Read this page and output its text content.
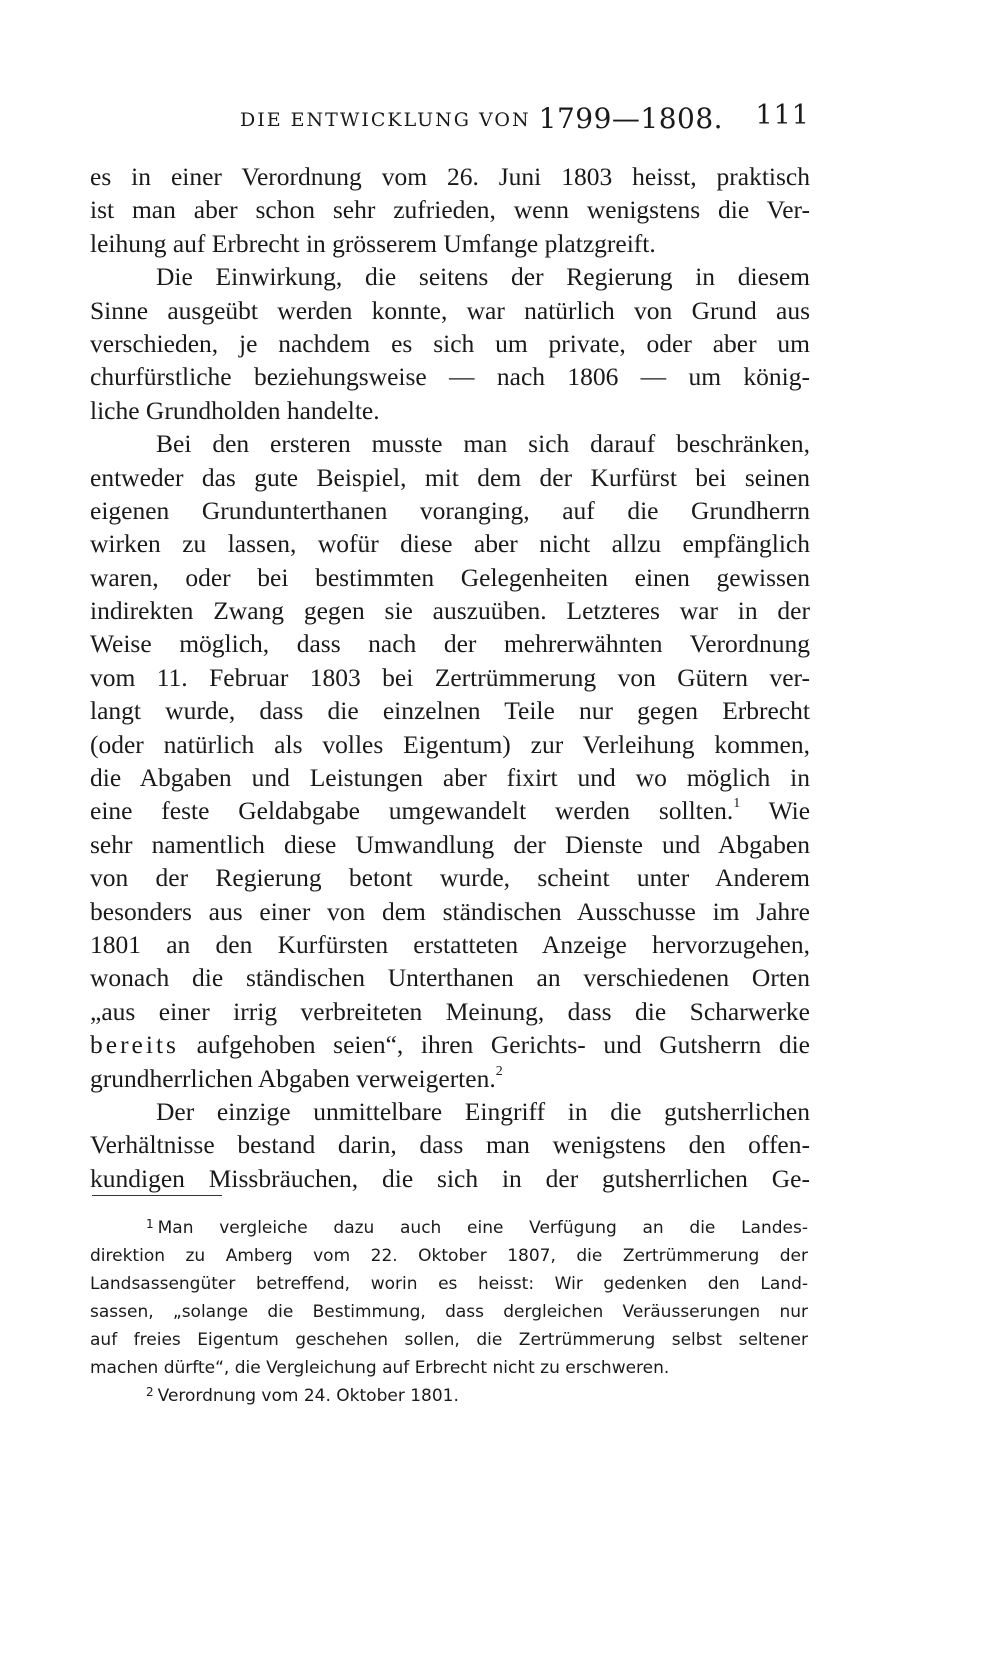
DIE ENTWICKLUNG VON 1799—1808. 111
es in einer Verordnung vom 26. Juni 1803 heisst, praktisch
ist man aber schon sehr zufrieden, wenn wenigstens die Ver-
leihung auf Erbrecht in grösserem Umfange platzgreift.
Die Einwirkung, die seitens der Regierung in diesem
Sinne ausgeübt werden konnte, war natürlich von Grund aus
verschieden, je nachdem es sich um private, oder aber um
churfürstliche beziehungsweise — nach 1806 — um könig-
liche Grundholden handelte.
Bei den ersteren musste man sich darauf beschränken,
entweder das gute Beispiel, mit dem der Kurfürst bei seinen
eigenen Grundunterthanen voranging, auf die Grundherrn
wirken zu lassen, wofür diese aber nicht allzu empfänglich
waren, oder bei bestimmten Gelegenheiten einen gewissen
indirekten Zwang gegen sie auszuüben. Letzteres war in der
Weise möglich, dass nach der mehrerwähnten Verordnung
vom 11. Februar 1803 bei Zertrümmerung von Gütern ver-
langt wurde, dass die einzelnen Teile nur gegen Erbrecht
(oder natürlich als volles Eigentum) zur Verleihung kommen,
die Abgaben und Leistungen aber fixirt und wo möglich in
eine feste Geldabgabe umgewandelt werden sollten.$^1$ Wie
sehr namentlich diese Umwandlung der Dienste und Abgaben
von der Regierung betont wurde, scheint unter Anderem
besonders aus einer von dem ständischen Ausschusse im Jahre
1801 an den Kurfürsten erstatteten Anzeige hervorzugehen,
wonach die ständischen Unterthanen an verschiedenen Orten
„aus einer irrig verbreiteten Meinung, dass die Scharwerke
bereits aufgehoben seien“, ihren Gerichts- und Gutsherrn die
grundherrlichen Abgaben verweigerten.$^2$
Der einzige unmittelbare Eingriff in die gutsherrlichen
Verhältnisse bestand darin, dass man wenigstens den offen-
kundigen Missbräuchen, die sich in der gutsherrlichen Ge-
$^1$ Man vergleiche dazu auch eine Verfügung an die Landes-
direktion zu Amberg vom 22. Oktober 1807, die Zertrümmerung der
Landsassengüter betreffend, worin es heisst: Wir gedenken den Land-
sassen, „solange die Bestimmung, dass dergleichen Veräusserungen nur
auf freies Eigentum geschehen sollen, die Zertrümmerung selbst seltener
machen dürfte“, die Vergleichung auf Erbrecht nicht zu erschweren.
$^2$ Verordnung vom 24. Oktober 1801.
